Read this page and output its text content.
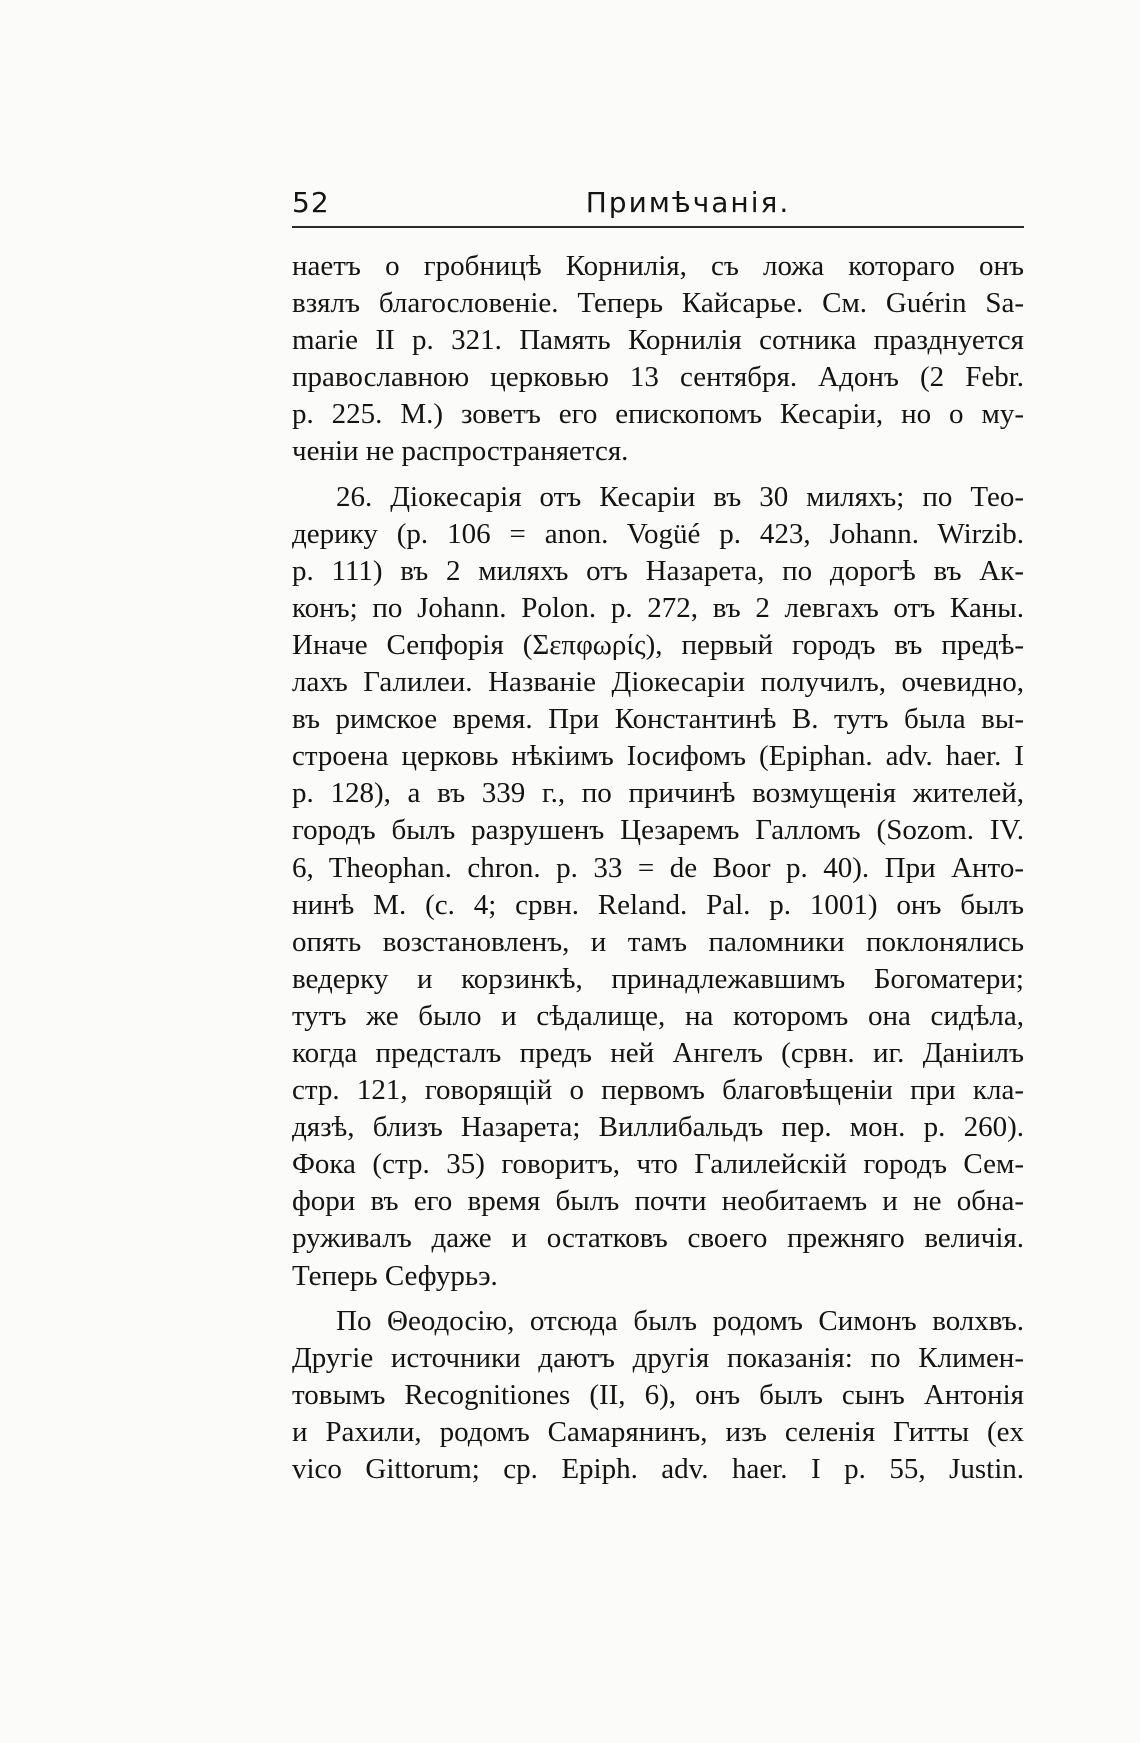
52	Примѣчанія.
наетъ о гробницѣ Корнилія, съ ложа котораго онъ
взялъ благословеніе. Теперь Кайсарье. См. Guérin Sa-
marie II p. 321. Память Корнилія сотника празднуется
православною церковью 13 сентября. Адонъ (2 Febr.
p. 225. M.) зоветъ его епископомъ Кесаріи, но о му-
ченіи не распространяется.
26. Діокесарія отъ Кесаріи въ 30 миляхъ; по Тео-
дерику (p. 106 = anon. Vogüé p. 423, Johann. Wirzib.
p. 111) въ 2 миляхъ отъ Назарета, по дорогѣ въ Ак-
конъ; по Johann. Polon. p. 272, въ 2 левгахъ отъ Каны.
Иначе Сепфорія (Σεπφωρίς), первый городъ въ предѣ-
лахъ Галилеи. Названіе Діокесаріи получилъ, очевидно,
въ римское время. При Константинѣ В. тутъ была вы-
строена церковь нѣкіимъ Іосифомъ (Epiphan. adv. haer. I
p. 128), а въ 339 г., по причинѣ возмущенія жителей,
городъ былъ разрушенъ Цезаремъ Галломъ (Sozom. IV.
6, Theophan. chron. p. 33 = de Boor p. 40). При Анто-
нинѣ M. (c. 4; срвн. Reland. Pal. p. 1001) онъ былъ
опять возстановленъ, и тамъ паломники поклонялись
ведерку и корзинкѣ, принадлежавшимъ Богоматери;
тутъ же было и сѣдалище, на которомъ она сидѣла,
когда предсталъ предъ ней Ангелъ (срвн. иг. Даніилъ
стр. 121, говорящій о первомъ благовѣщеніи при кла-
дязѣ, близъ Назарета; Виллибальдъ пер. мон. p. 260).
Фока (стр. 35) говоритъ, что Галилейскій городъ Сем-
фори въ его время былъ почти необитаемъ и не обна-
руживалъ даже и остатковъ своего прежняго величія.
Теперь Сефурьэ.
По Θеодосію, отсюда былъ родомъ Симонъ волхвъ.
Другіе источники даютъ другія показанія: по Климен-
товымъ Recognitiones (II, 6), онъ былъ сынъ Антонія
и Рахили, родомъ Самарянинъ, изъ селенія Гитты (ex
vico Gittorum; cp. Epiph. adv. haer. I p. 55, Justin.
